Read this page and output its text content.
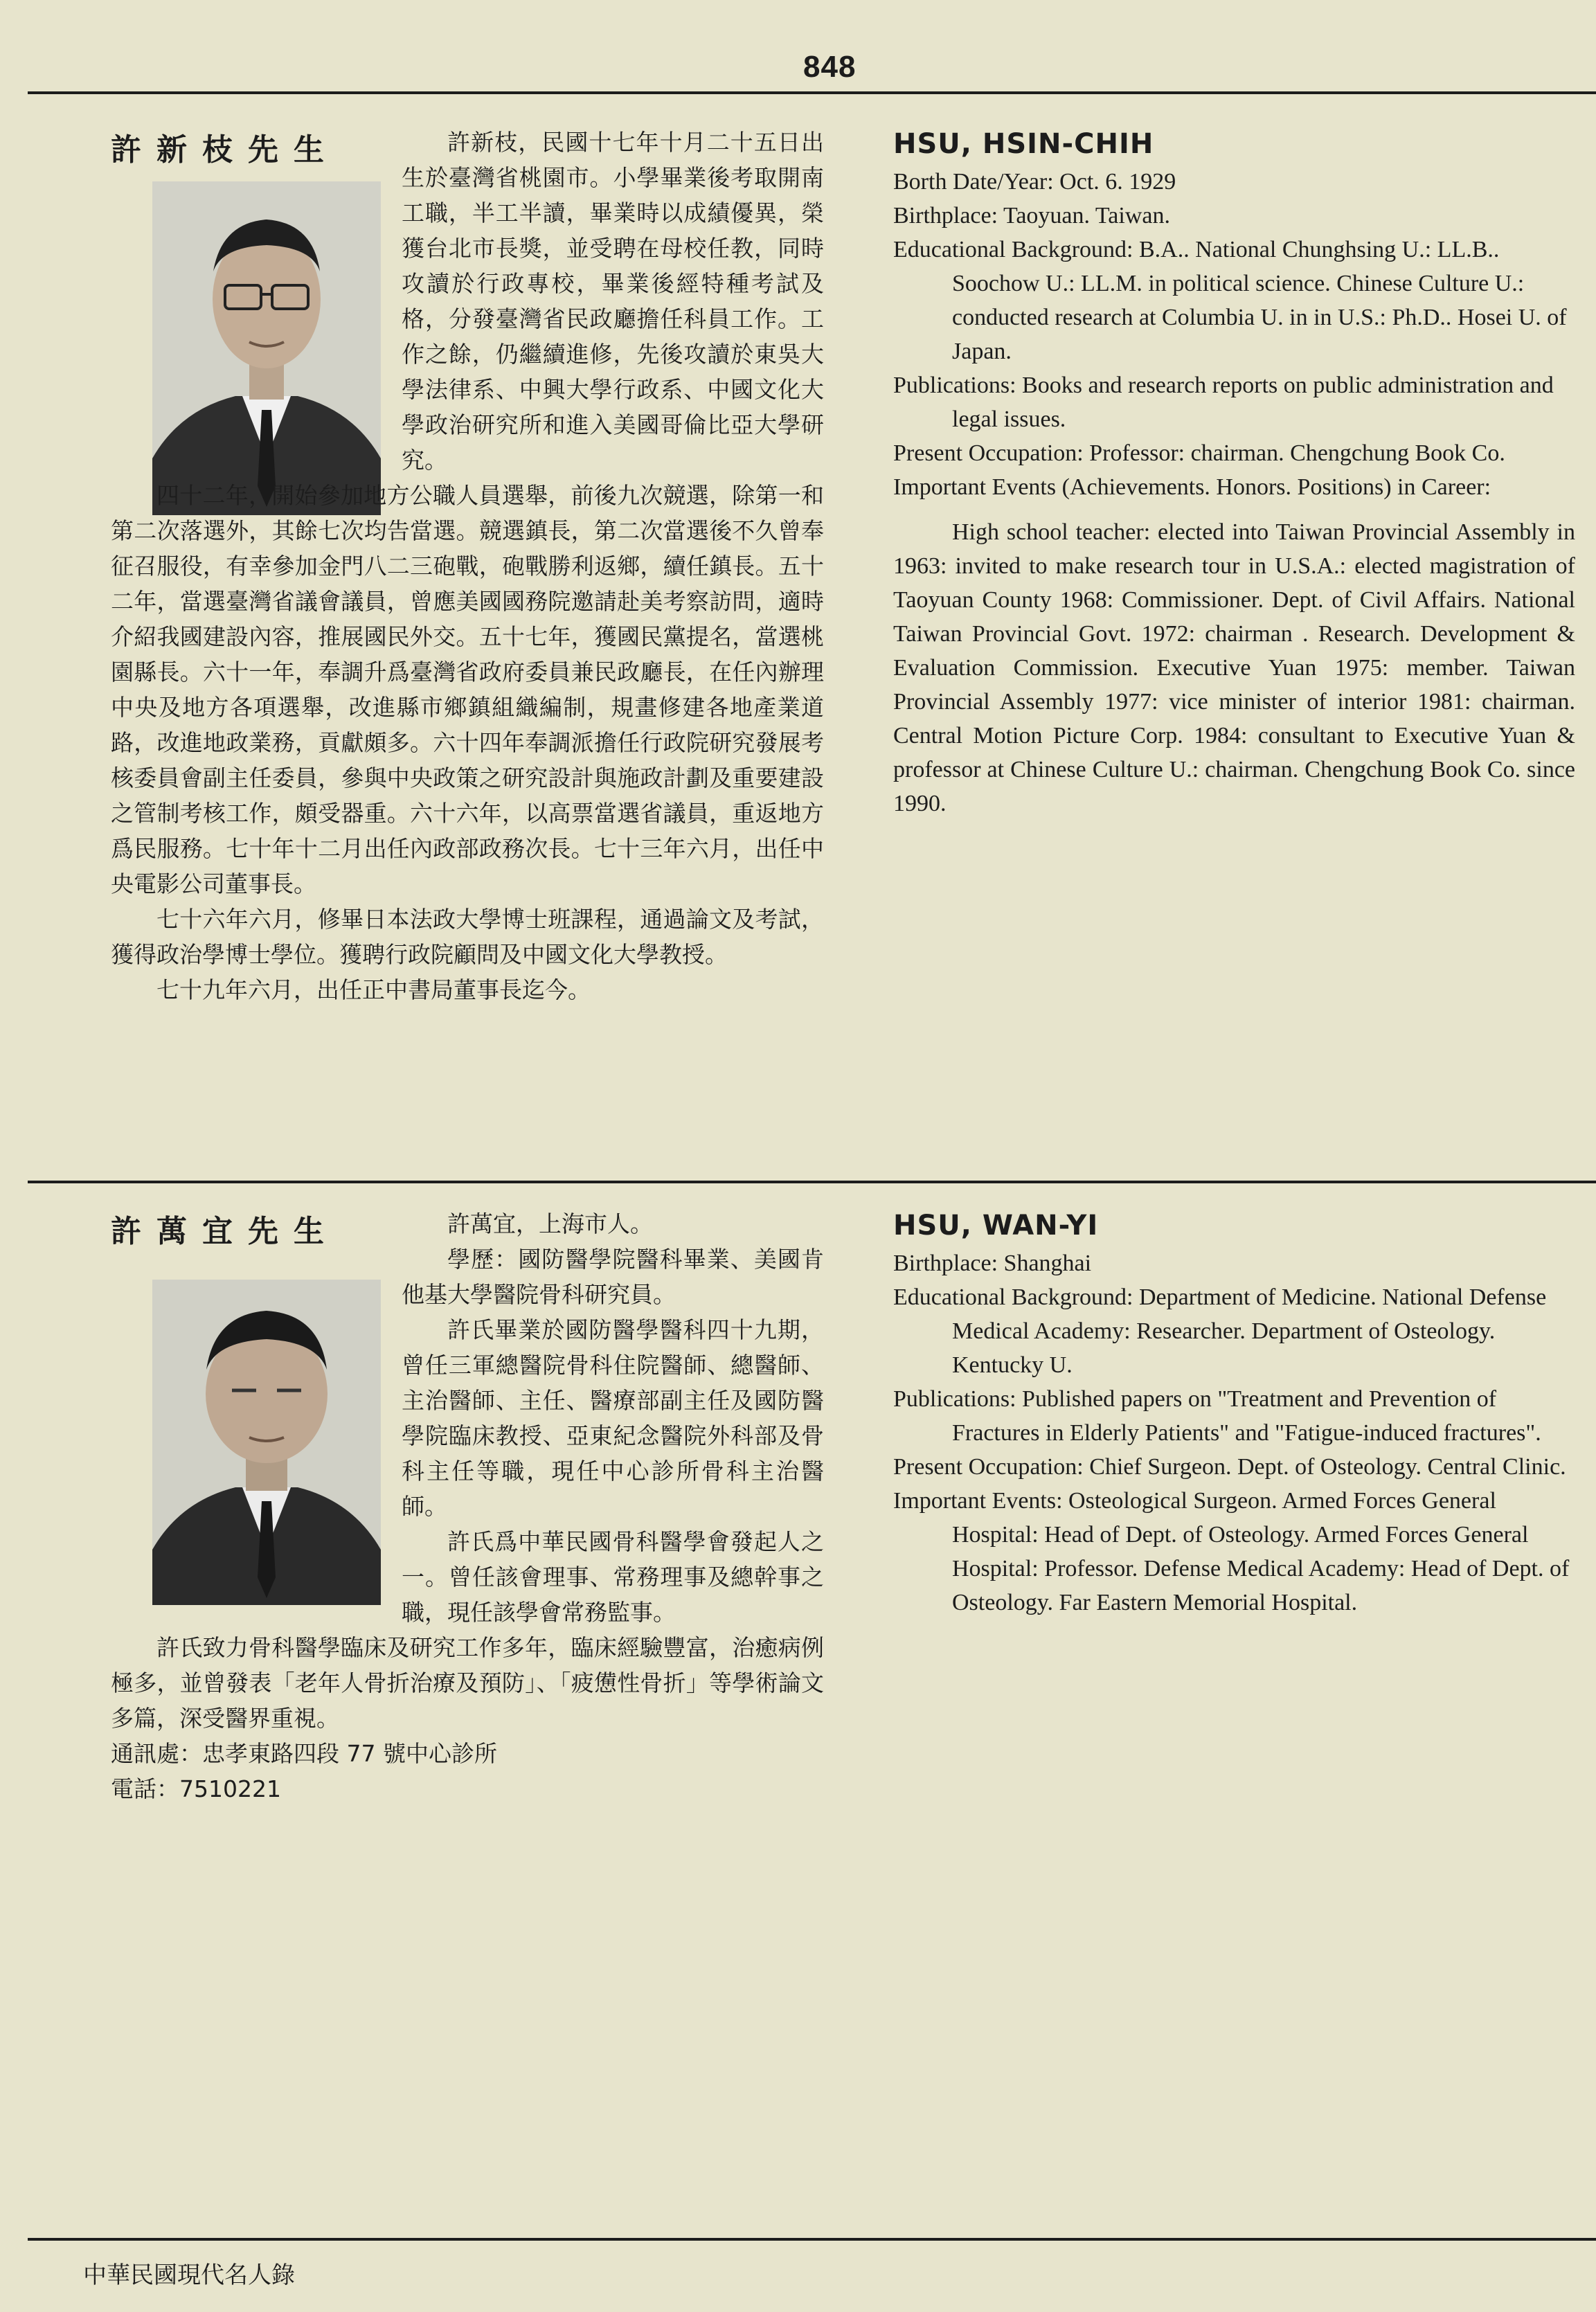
848
許新枝先生	許新枝，民國十七年十月二十五日出生於臺灣省桃園市。小學畢業後考取開南工職，半工半讀，畢業時以成績優異，榮獲台北市長獎，並受聘在母校任教，同時攻讀於行政專校，畢業後經特種考試及格，分發臺灣省民政廳擔任科員工作。工作之餘，仍繼續進修，先後攻讀於東吳大學法律系、中興大學行政系、中國文化大學政治研究所和進入美國哥倫比亞大學研究。

四十二年，開始參加地方公職人員選舉，前後九次競選，除第一和第二次落選外，其餘七次均告當選。競選鎮長，第二次當選後不久曾奉征召服役，有幸參加金門八二三砲戰，砲戰勝利返鄉，續任鎮長。五十二年，當選臺灣省議會議員，曾應美國國務院邀請赴美考察訪問，適時介紹我國建設內容，推展國民外交。五十七年，獲國民黨提名，當選桃園縣長。六十一年，奉調升爲臺灣省政府委員兼民政廳長，在任內辦理中央及地方各項選舉，改進縣市鄉鎮組織編制，規畫修建各地產業道路，改進地政業務，貢獻頗多。六十四年奉調派擔任行政院研究發展考核委員會副主任委員，參與中央政策之研究設計與施政計劃及重要建設之管制考核工作，頗受器重。六十六年，以高票當選省議員，重返地方爲民服務。七十年十二月出任內政部政務次長。七十三年六月，出任中央電影公司董事長。

七十六年六月，修畢日本法政大學博士班課程，通過論文及考試，獲得政治學博士學位。獲聘行政院顧問及中國文化大學教授。

七十九年六月，出任正中書局董事長迄今。

HSU, HSIN-CHIH

Borth Date/Year: Oct. 6. 1929

Birthplace: Taoyuan. Taiwan.

Educational Background: B.A.. National Chunghsing U.: LL.B.. Soochow U.: LL.M. in political science. Chinese Culture U.: conducted research at Columbia U. in in U.S.: Ph.D.. Hosei U. of Japan.

Publications: Books and research reports on public administration and legal issues.

Present Occupation: Professor: chairman. Chengchung Book Co.

Important Events (Achievements. Honors. Positions) in Career:

High school teacher: elected into Taiwan Provincial Assembly in 1963: invited to make research tour in U.S.A.: elected magistration of Taoyuan County 1968: Commissioner. Dept. of Civil Affairs. National Taiwan Provincial Govt. 1972: chairman . Research. Development & Evaluation Commission. Executive Yuan 1975: member. Taiwan Provincial Assembly 1977: vice minister of interior 1981: chairman. Central Motion Picture Corp. 1984: consultant to Executive Yuan & professor at Chinese Culture U.: chairman. Chengchung Book Co. since 1990.

許萬宜先生	許萬宜，上海市人。

學歷：國防醫學院醫科畢業、美國肯他基大學醫院骨科研究員。

許氏畢業於國防醫學醫科四十九期，曾任三軍總醫院骨科住院醫師、總醫師、主治醫師、主任、醫療部副主任及國防醫學院臨床教授、亞東紀念醫院外科部及骨科主任等職，現任中心診所骨科主治醫師。

許氏爲中華民國骨科醫學會發起人之一。曾任該會理事、常務理事及總幹事之職，現任該學會常務監事。

許氏致力骨科醫學臨床及研究工作多年，臨床經驗豐富，治癒病例極多，並曾發表「老年人骨折治療及預防」、「疲憊性骨折」等學術論文多篇，深受醫界重視。

通訊處：忠孝東路四段 77 號中心診所

電話：7510221

HSU, WAN-YI

Birthplace: Shanghai

Educational Background: Department of Medicine. National Defense Medical Academy: Researcher. Department of Osteology. Kentucky U.

Publications: Published papers on "Treatment and Prevention of Fractures in Elderly Patients" and "Fatigue-induced fractures".

Present Occupation: Chief Surgeon. Dept. of Osteology. Central Clinic.

Important Events: Osteological Surgeon. Armed Forces General Hospital: Head of Dept. of Osteology. Armed Forces General Hospital: Professor. Defense Medical Academy: Head of Dept. of Osteology. Far Eastern Memorial Hospital.

中華民國現代名人錄
